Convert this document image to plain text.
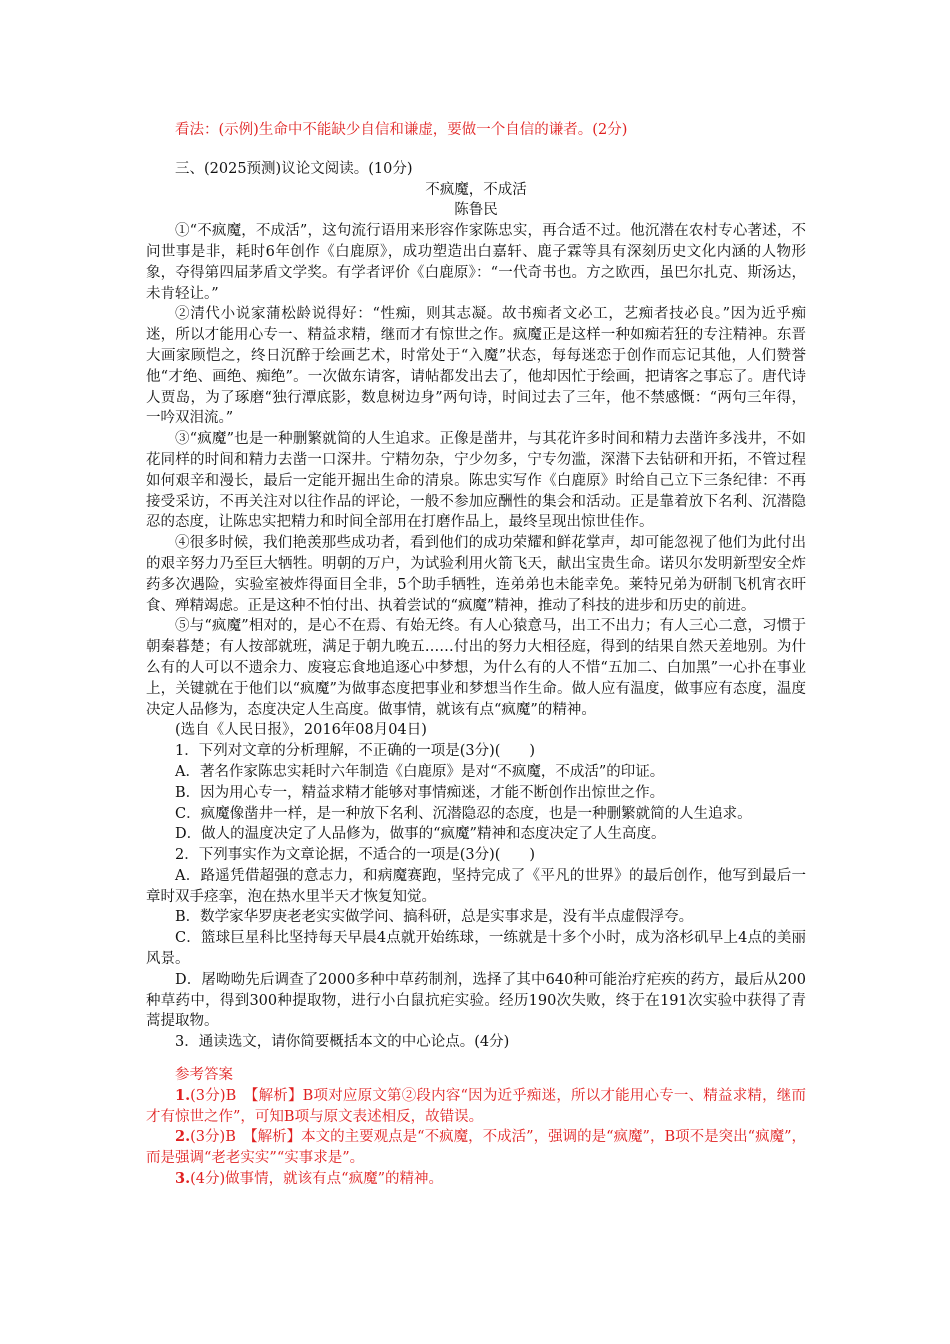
看法：(示例)生命中不能缺少自信和谦虚，要做一个自信的谦者。(2分)

三、(2025预测)议论文阅读。(10分)

不疯魔，不成活

陈鲁民

①“不疯魔，不成活”，这句流行语用来形容作家陈忠实，再合适不过。他沉潜在农村专心著述，不问世事是非，耗时6年创作《白鹿原》，成功塑造出白嘉轩、鹿子霖等具有深刻历史文化内涵的人物形象，夺得第四届茅盾文学奖。有学者评价《白鹿原》：“一代奇书也。方之欧西，虽巴尔扎克、斯汤达，未肯轻让。”

②清代小说家蒲松龄说得好：“性痴，则其志凝。故书痴者文必工，艺痴者技必良。”因为近乎痴迷，所以才能用心专一、精益求精，继而才有惊世之作。疯魔正是这样一种如痴若狂的专注精神。东晋大画家顾恺之，终日沉醉于绘画艺术，时常处于“入魔”状态，每每迷恋于创作而忘记其他，人们赞誉他“才绝、画绝、痴绝”。一次做东请客，请帖都发出去了，他却因忙于绘画，把请客之事忘了。唐代诗人贾岛，为了琢磨“独行潭底影，数息树边身”两句诗，时间过去了三年，他不禁感慨：“两句三年得，一吟双泪流。”

③“疯魔”也是一种删繁就简的人生追求。正像是凿井，与其花许多时间和精力去凿许多浅井，不如花同样的时间和精力去凿一口深井。宁精勿杂，宁少勿多，宁专勿滥，深潜下去钻研和开拓，不管过程如何艰辛和漫长，最后一定能开掘出生命的清泉。陈忠实写作《白鹿原》时给自己立下三条纪律：不再接受采访，不再关注对以往作品的评论，一般不参加应酬性的集会和活动。正是靠着放下名利、沉潜隐忍的态度，让陈忠实把精力和时间全部用在打磨作品上，最终呈现出惊世佳作。

④很多时候，我们艳羡那些成功者，看到他们的成功荣耀和鲜花掌声，却可能忽视了他们为此付出的艰辛努力乃至巨大牺牲。明朝的万户，为试验利用火箭飞天，献出宝贵生命。诺贝尔发明新型安全炸药多次遇险，实验室被炸得面目全非，5个助手牺牲，连弟弟也未能幸免。莱特兄弟为研制飞机宵衣旰食、殚精竭虑。正是这种不怕付出、执着尝试的“疯魔”精神，推动了科技的进步和历史的前进。

⑤与“疯魔”相对的，是心不在焉、有始无终。有人心猿意马，出工不出力；有人三心二意，习惯于朝秦暮楚；有人按部就班，满足于朝九晚五……付出的努力大相径庭，得到的结果自然天差地别。为什么有的人可以不遗余力、废寝忘食地追逐心中梦想，为什么有的人不惜“五加二、白加黑”一心扑在事业上，关键就在于他们以“疯魔”为做事态度把事业和梦想当作生命。做人应有温度，做事应有态度，温度决定人品修为，态度决定人生高度。做事情，就该有点“疯魔”的精神。

(选自《人民日报》，2016年08月04日)

1．下列对文章的分析理解，不正确的一项是(3分)(　　)

A．著名作家陈忠实耗时六年制造《白鹿原》是对“不疯魔，不成活”的印证。

B．因为用心专一，精益求精才能够对事情痴迷，才能不断创作出惊世之作。

C．疯魔像凿井一样，是一种放下名利、沉潜隐忍的态度，也是一种删繁就简的人生追求。

D．做人的温度决定了人品修为，做事的“疯魔”精神和态度决定了人生高度。

2．下列事实作为文章论据，不适合的一项是(3分)(　　)

A．路遥凭借超强的意志力，和病魔赛跑，坚持完成了《平凡的世界》的最后创作，他写到最后一章时双手痉挛，泡在热水里半天才恢复知觉。

B．数学家华罗庚老老实实做学问、搞科研，总是实事求是，没有半点虚假浮夸。

C．篮球巨星科比坚持每天早晨4点就开始练球，一练就是十多个小时，成为洛杉矶早上4点的美丽风景。

D．屠呦呦先后调查了2000多种中草药制剂，选择了其中640种可能治疗疟疾的药方，最后从200种草药中，得到300种提取物，进行小白鼠抗疟实验。经历190次失败，终于在191次实验中获得了青蒿提取物。

3．通读选文，请你简要概括本文的中心论点。(4分)

参考答案

1.(3分)B　【解析】B项对应原文第②段内容“因为近乎痴迷，所以才能用心专一、精益求精，继而才有惊世之作”，可知B项与原文表述相反，故错误。

2.(3分)B　【解析】本文的主要观点是“不疯魔，不成活”，强调的是“疯魔”，B项不是突出“疯魔”，而是强调“老老实实”“实事求是”。

3.(4分)做事情，就该有点“疯魔”的精神。
